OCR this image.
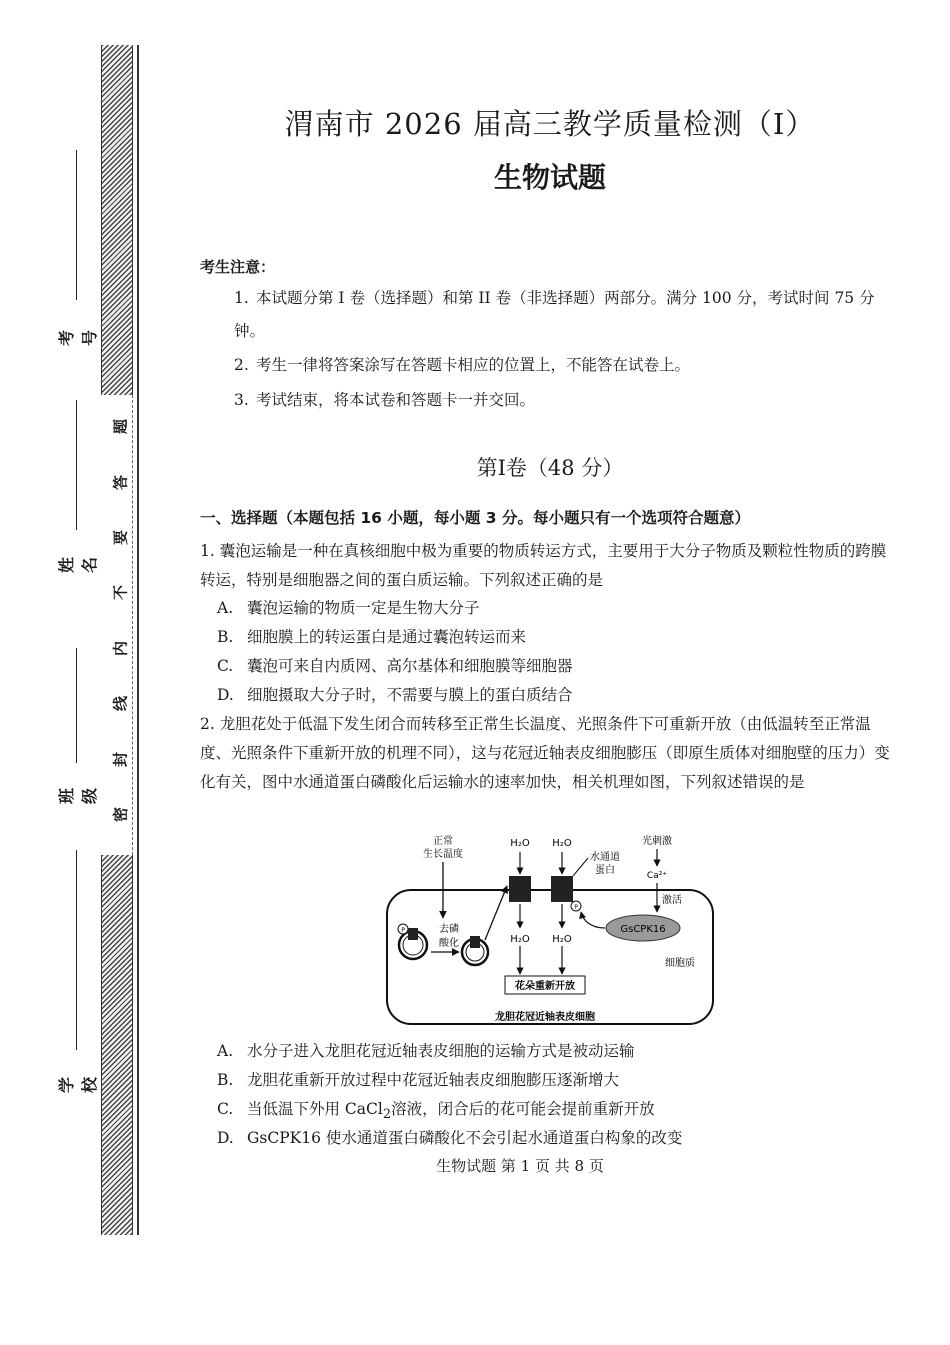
题
答
要
不
内
线
封
密
考号
姓名
班级
学校
渭南市 2026 届高三教学质量检测（Ⅰ）
生物试题
考生注意：
1. 本试题分第 I 卷（选择题）和第 II 卷（非选择题）两部分。满分 100 分，考试时间 75 分钟。
2. 考生一律将答案涂写在答题卡相应的位置上，不能答在试卷上。
3. 考试结束，将本试卷和答题卡一并交回。
第Ⅰ卷（48 分）
一、选择题（本题包括 16 小题，每小题 3 分。每小题只有一个选项符合题意）
1. 囊泡运输是一种在真核细胞中极为重要的物质转运方式，主要用于大分子物质及颗粒性物质的跨膜转运，特别是细胞器之间的蛋白质运输。下列叙述正确的是
A. 囊泡运输的物质一定是生物大分子
B. 细胞膜上的转运蛋白是通过囊泡转运而来
C. 囊泡可来自内质网、高尔基体和细胞膜等细胞器
D. 细胞摄取大分子时，不需要与膜上的蛋白质结合
2. 龙胆花处于低温下发生闭合而转移至正常生长温度、光照条件下可重新开放（由低温转至正常温度、光照条件下重新开放的机理不同），这与花冠近轴表皮细胞膨压（即原生质体对细胞壁的压力）变化有关，图中水通道蛋白磷酸化后运输水的速率加快，相关机理如图，下列叙述错误的是
正常
生长温度
去磷
酸化
P
H₂O H₂O
H₂O H₂O
P
水通道
蛋白
光刺激
Ca²⁺
激活
GsCPK16
细胞质
花朵重新开放
龙胆花冠近轴表皮细胞
A. 水分子进入龙胆花冠近轴表皮细胞的运输方式是被动运输
B. 龙胆花重新开放过程中花冠近轴表皮细胞膨压逐渐增大
C. 当低温下外用 CaCl$_2$溶液，闭合后的花可能会提前重新开放
D. GsCPK16 使水通道蛋白磷酸化不会引起水通道蛋白构象的改变
生物试题 第 1 页 共 8 页
